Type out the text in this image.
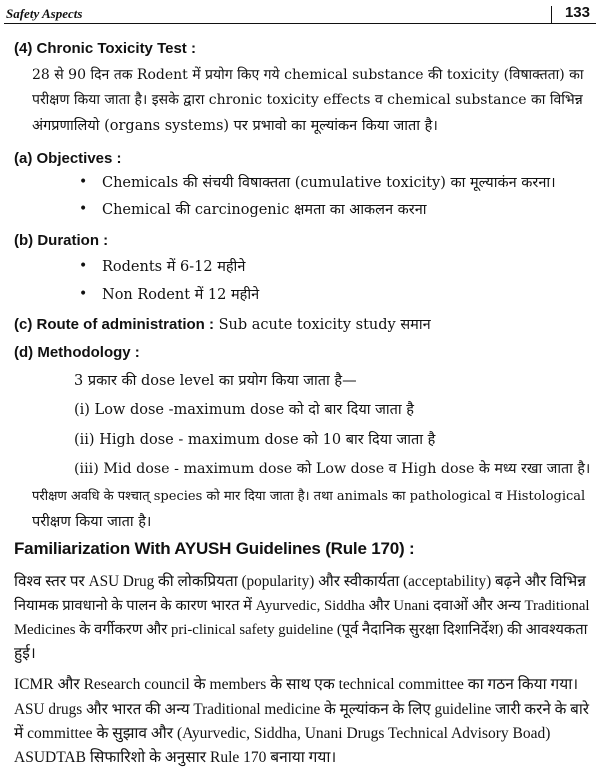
Safety Aspects	133
(4) Chronic Toxicity Test :
28 से 90 दिन तक Rodent में प्रयोग किए गये chemical substance की toxicity (विषाक्तता) का
परीक्षण किया जाता है। इसके द्वारा chronic toxicity effects व chemical substance का विभिन्न
अंगप्रणालियो (organs systems) पर प्रभावो का मूल्यांकन किया जाता है।
(a) Objectives :
• Chemicals की संचयी विषाक्तता (cumulative toxicity) का मूल्याकंन करना।
• Chemical की carcinogenic क्षमता का आकलन करना
(b) Duration :
• Rodents में 6-12 महीने
• Non Rodent में 12 महीने
(c) Route of administration : Sub acute toxicity study समान
(d) Methodology :
3 प्रकार की dose level का प्रयोग किया जाता है—
(i) Low dose -maximum dose को दो बार दिया जाता है
(ii) High dose - maximum dose को 10 बार दिया जाता है
(iii) Mid dose - maximum dose को Low dose व High dose के मध्य रखा जाता है।
परीक्षण अवधि के पश्चात् species को मार दिया जाता है। तथा animals का pathological व Histological
परीक्षण किया जाता है।
Familiarization With AYUSH Guidelines (Rule 170) :
विश्व स्तर पर ASU Drug की लोकप्रियता (popularity) और स्वीकार्यता (acceptability) बढ़ने और विभिन्न
नियामक प्रावधानो के पालन के कारण भारत में Ayurvedic, Siddha और Unani दवाओं और अन्य Traditional
Medicines के वर्गीकरण और pri-clinical safety guideline (पूर्व नैदानिक सुरक्षा दिशानिर्देश) की आवश्यकता
हुई।
ICMR और Research council के members के साथ एक technical committee का गठन किया गया।
ASU drugs और भारत की अन्य Traditional medicine के मूल्यांकन के लिए guideline जारी करने के बारे
में committee के सुझाव और (Ayurvedic, Siddha, Unani Drugs Technical Advisory Boad)
ASUDTAB सिफारिशो के अनुसार Rule 170 बनाया गया।
